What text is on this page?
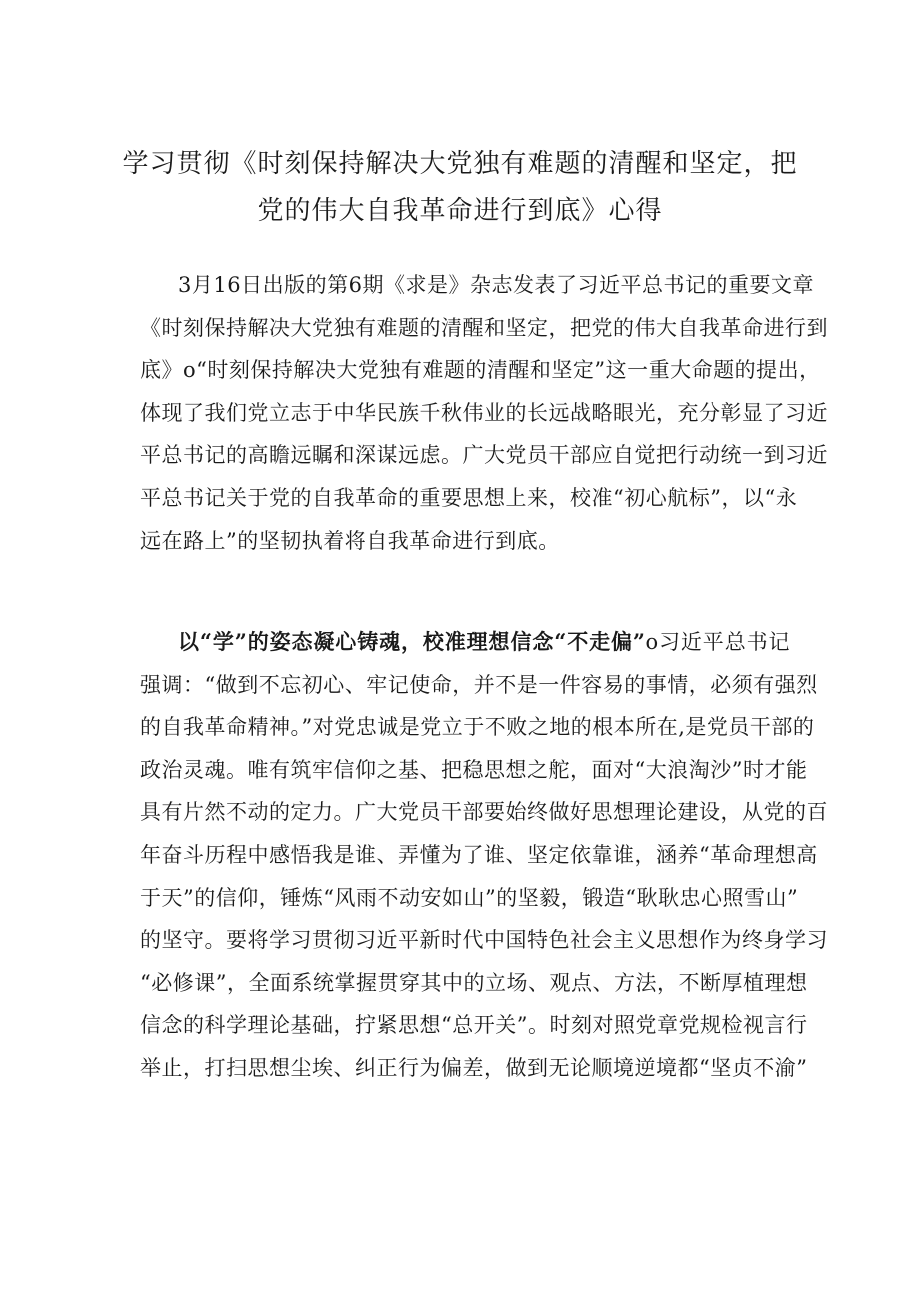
学习贯彻《时刻保持解决大党独有难题的清醒和坚定，把
党的伟大自我革命进行到底》心得
3月16日出版的第6期《求是》杂志发表了习近平总书记的重要文章
《时刻保持解决大党独有难题的清醒和坚定，把党的伟大自我革命进行到
底》o“时刻保持解决大党独有难题的清醒和坚定”这一重大命题的提出，
体现了我们党立志于中华民族千秋伟业的长远战略眼光，充分彰显了习近
平总书记的高瞻远瞩和深谋远虑。广大党员干部应自觉把行动统一到习近
平总书记关于党的自我革命的重要思想上来，校准“初心航标”，以“永
远在路上”的坚韧执着将自我革命进行到底。
以“学”的姿态凝心铸魂，校准理想信念“不走偏”o习近平总书记
强调：“做到不忘初心、牢记使命，并不是一件容易的事情，必须有强烈
的自我革命精神。”对党忠诚是党立于不败之地的根本所在,是党员干部的
政治灵魂。唯有筑牢信仰之基、把稳思想之舵，面对“大浪淘沙”时才能
具有片然不动的定力。广大党员干部要始终做好思想理论建设，从党的百
年奋斗历程中感悟我是谁、弄懂为了谁、坚定依靠谁，涵养“革命理想高
于天”的信仰，锤炼“风雨不动安如山”的坚毅，锻造“耿耿忠心照雪山”
的坚守。要将学习贯彻习近平新时代中国特色社会主义思想作为终身学习
“必修课”，全面系统掌握贯穿其中的立场、观点、方法，不断厚植理想
信念的科学理论基础，拧紧思想“总开关”。时刻对照党章党规检视言行
举止，打扫思想尘埃、纠正行为偏差，做到无论顺境逆境都“坚贞不渝”
